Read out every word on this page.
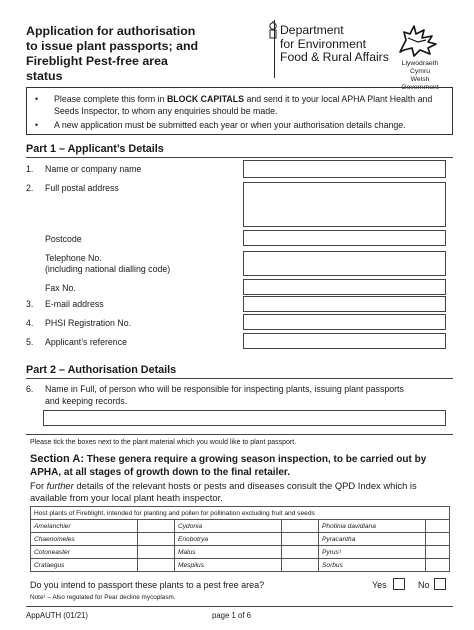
Application for authorisation
to issue plant passports; and
Fireblight Pest-free area
status
Department
for Environment
Food & Rural Affairs	Llywodraeth Cymru
Welsh Government
• Please complete this form in BLOCK CAPITALS and send it to your local APHA Plant Health and Seeds Inspector, to whom any enquiries should be made.
• A new application must be submitted each year or when your authorisation details change.
Part 1 – Applicant’s Details
1. Name or company name
2. Full postal address
Postcode
Telephone No.
(including national dialling code)
Fax No.
3. E-mail address
4. PHSI Registration No.
5. Applicant’s reference
Part 2 – Authorisation Details
6. Name in Full, of person who will be responsible for inspecting plants, issuing plant passports
and keeping records.
Please tick the boxes next to the plant material which you would like to plant passport.
Section A: These genera require a growing season inspection, to be carried out by
APHA, at all stages of growth down to the final retailer.
For further details of the relevant hosts or pests and diseases consult the QPD Index which is
available from your local plant heath inspector.
Host plants of Fireblight, intended for planting and pollen for pollination excluding fruit and seeds					
Amelanchier		Cydonia		Photinia davidiana	
Chaenomeles		Eriobotrya		Pyracantha	
Cotoneaster		Malus		Pyrus¹	
Crataegus		Mespilus		Sorbus	
Do you intend to passport these plants to a pest free area?	Yes	No
Note¹ – Also regulated for Pear decline mycoplasm.
AppAUTH (01/21)	page 1 of 6
